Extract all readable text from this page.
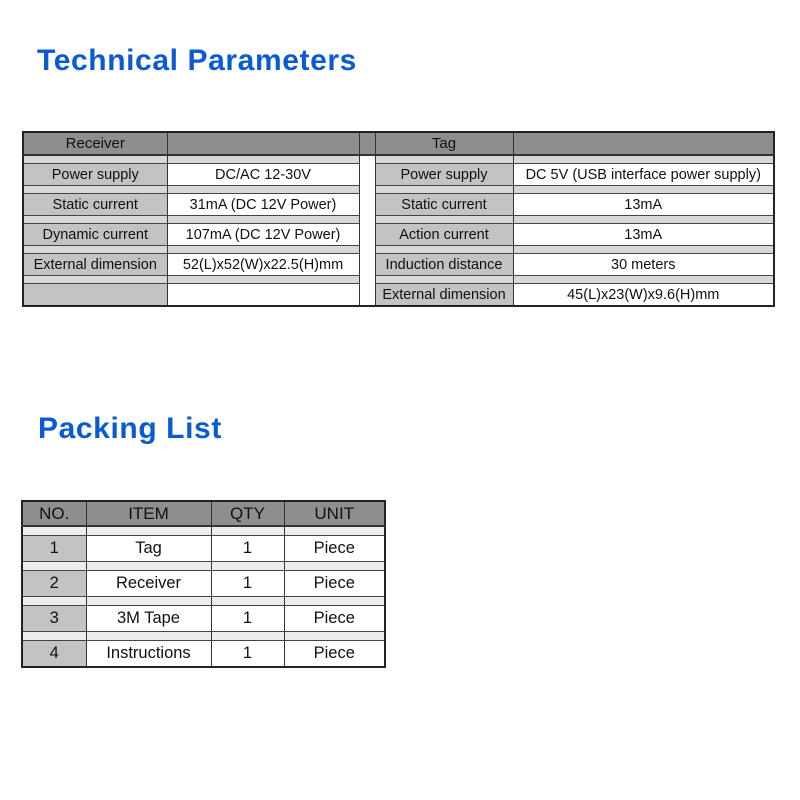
Technical Parameters
Receiver			Tag	

Power supply	DC/AC 12-30V		Power supply	DC 5V (USB interface power supply)

Static current	31mA (DC 12V Power)		Static current	13mA

Dynamic current	107mA (DC 12V Power)		Action current	13mA

External dimension	52(L)x52(W)x22.5(H)mm		Induction distance	30 meters

			External dimension	45(L)x23(W)x9.6(H)mm
Packing List
NO.	ITEM	QTY	UNIT

1	Tag	1	Piece

2	Receiver	1	Piece

3	3M Tape	1	Piece

4	Instructions	1	Piece
